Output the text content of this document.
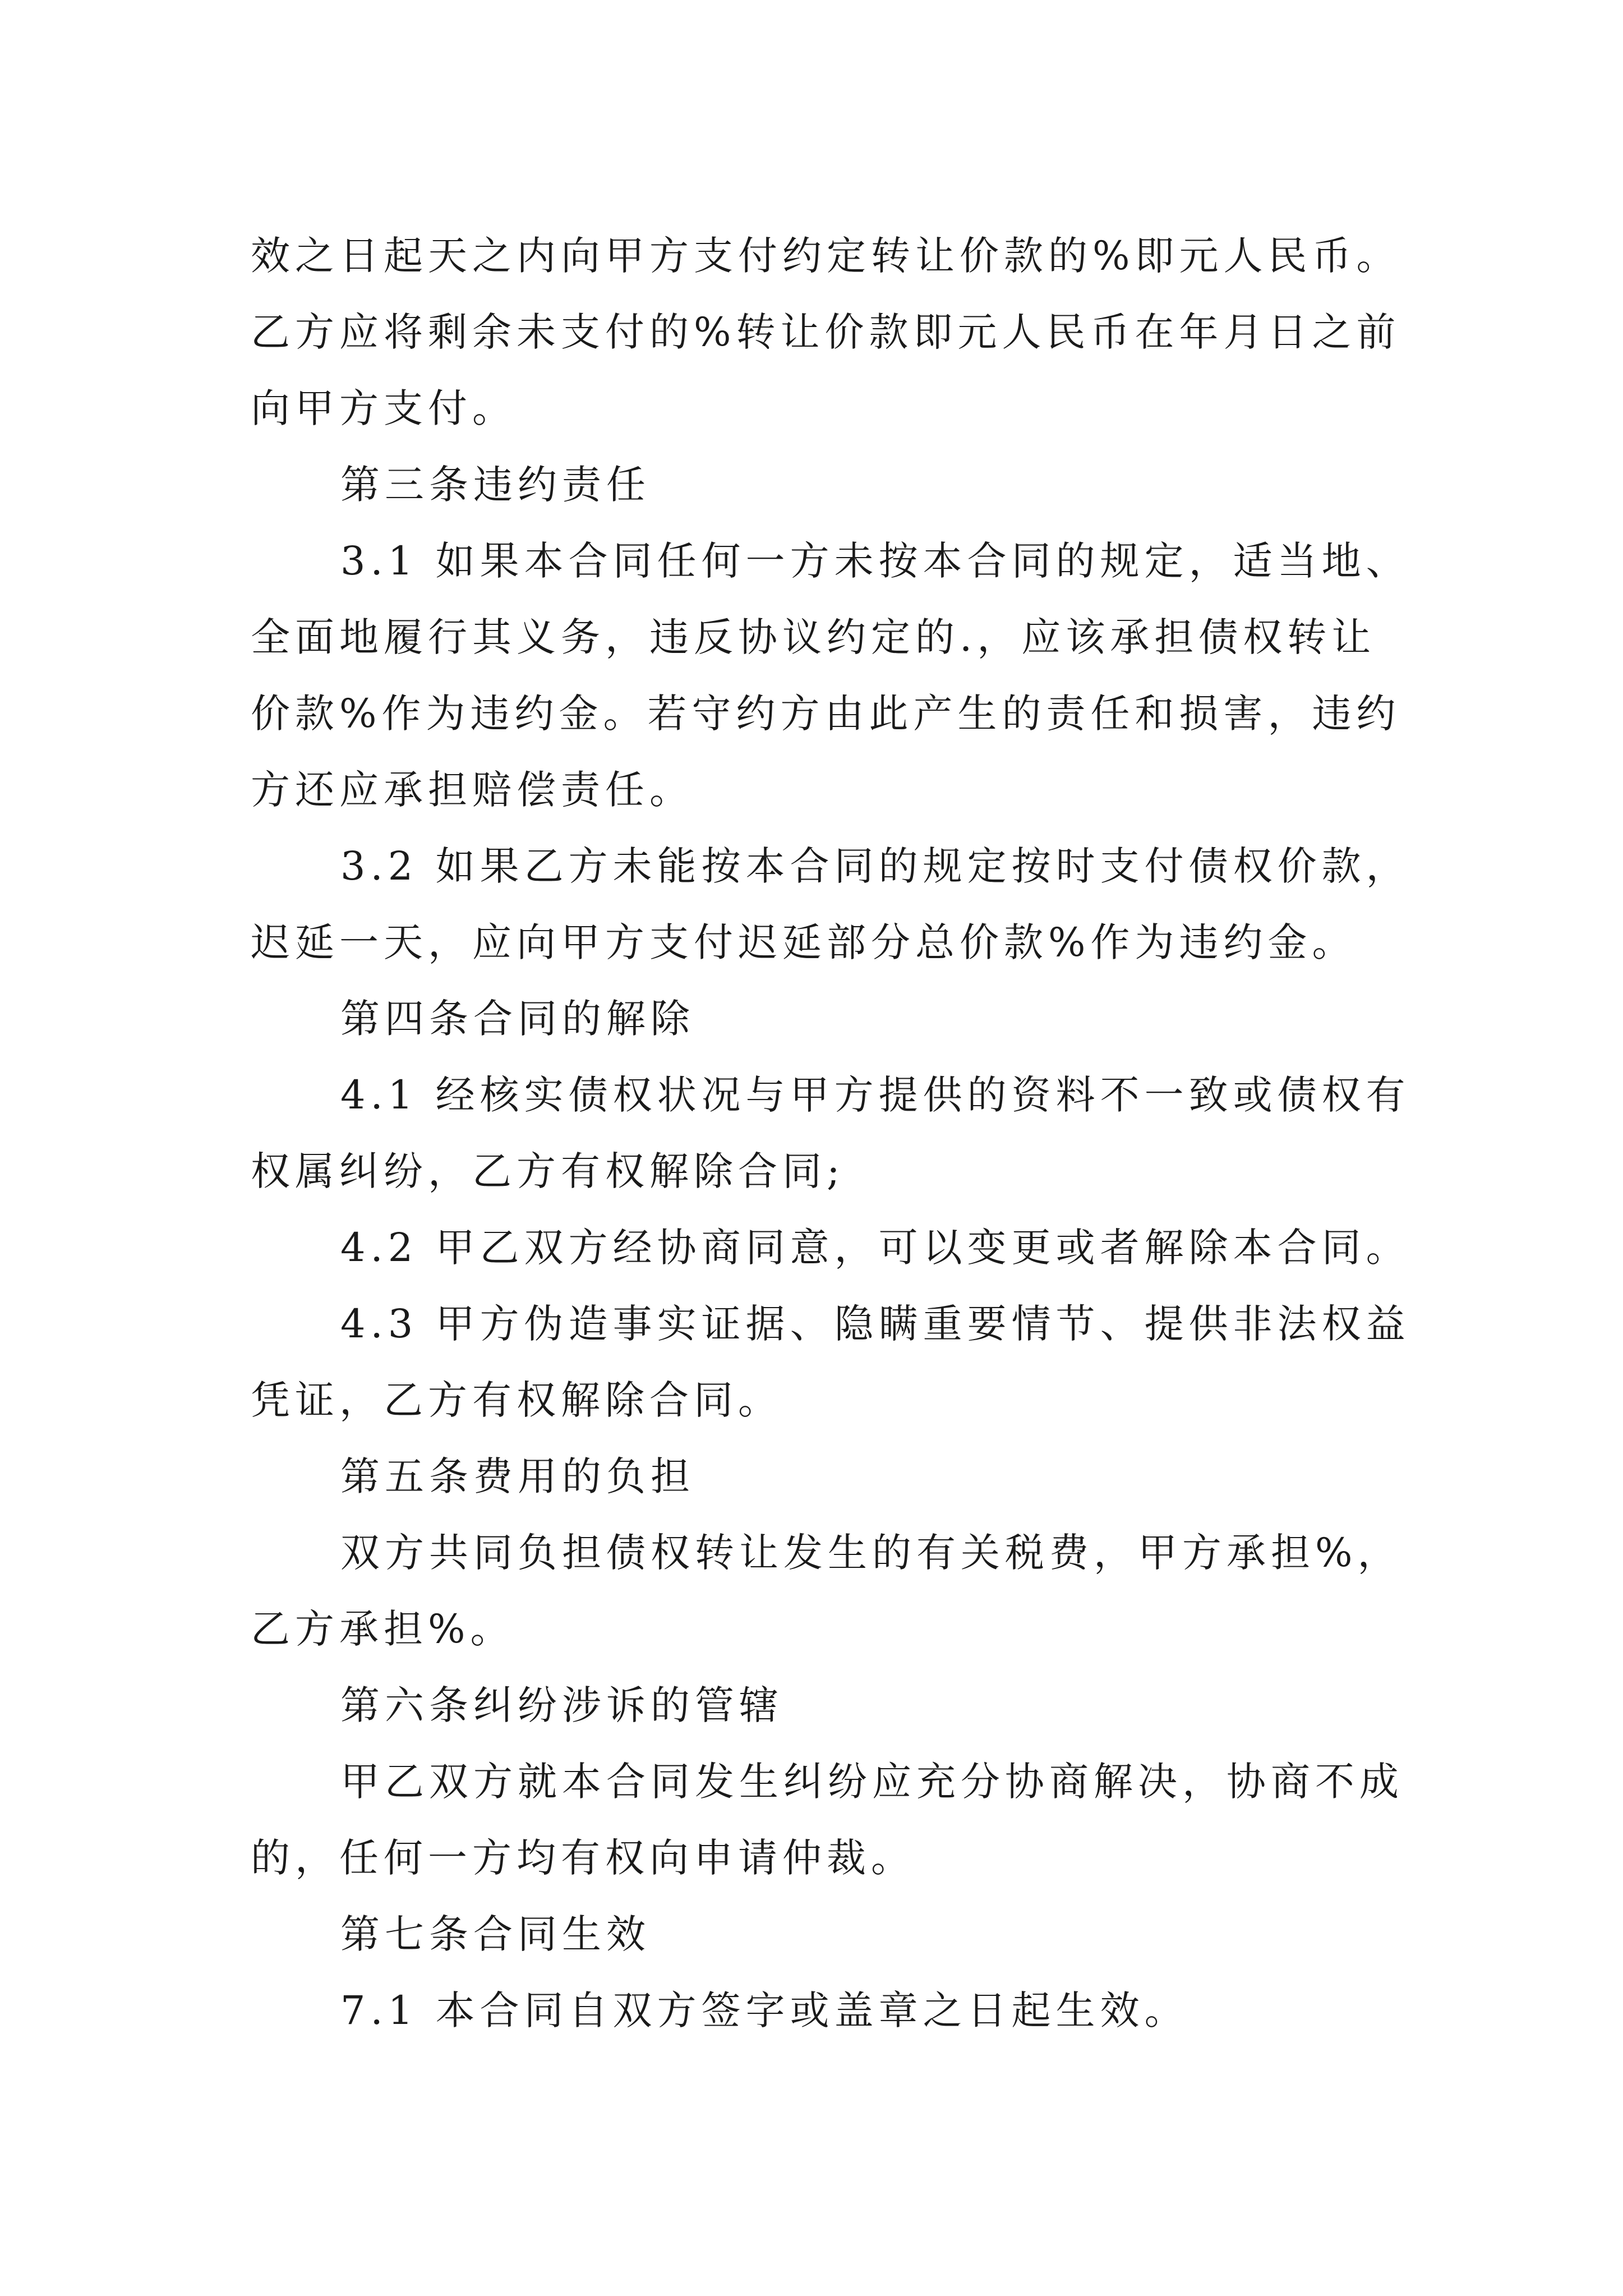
效之日起天之内向甲方支付约定转让价款的%即元人民币。
乙方应将剩余未支付的%转让价款即元人民币在年月日之前
向甲方支付。
第三条违约责任
3.1 如果本合同任何一方未按本合同的规定，适当地、
全面地履行其义务，违反协议约定的.，应该承担债权转让
价款%作为违约金。若守约方由此产生的责任和损害，违约
方还应承担赔偿责任。
3.2 如果乙方未能按本合同的规定按时支付债权价款，
迟延一天，应向甲方支付迟延部分总价款%作为违约金。
第四条合同的解除
4.1 经核实债权状况与甲方提供的资料不一致或债权有
权属纠纷，乙方有权解除合同;
4.2 甲乙双方经协商同意，可以变更或者解除本合同。
4.3 甲方伪造事实证据、隐瞒重要情节、提供非法权益
凭证，乙方有权解除合同。
第五条费用的负担
双方共同负担债权转让发生的有关税费，甲方承担%，
乙方承担%。
第六条纠纷涉诉的管辖
甲乙双方就本合同发生纠纷应充分协商解决，协商不成
的，任何一方均有权向申请仲裁。
第七条合同生效
7.1 本合同自双方签字或盖章之日起生效。
